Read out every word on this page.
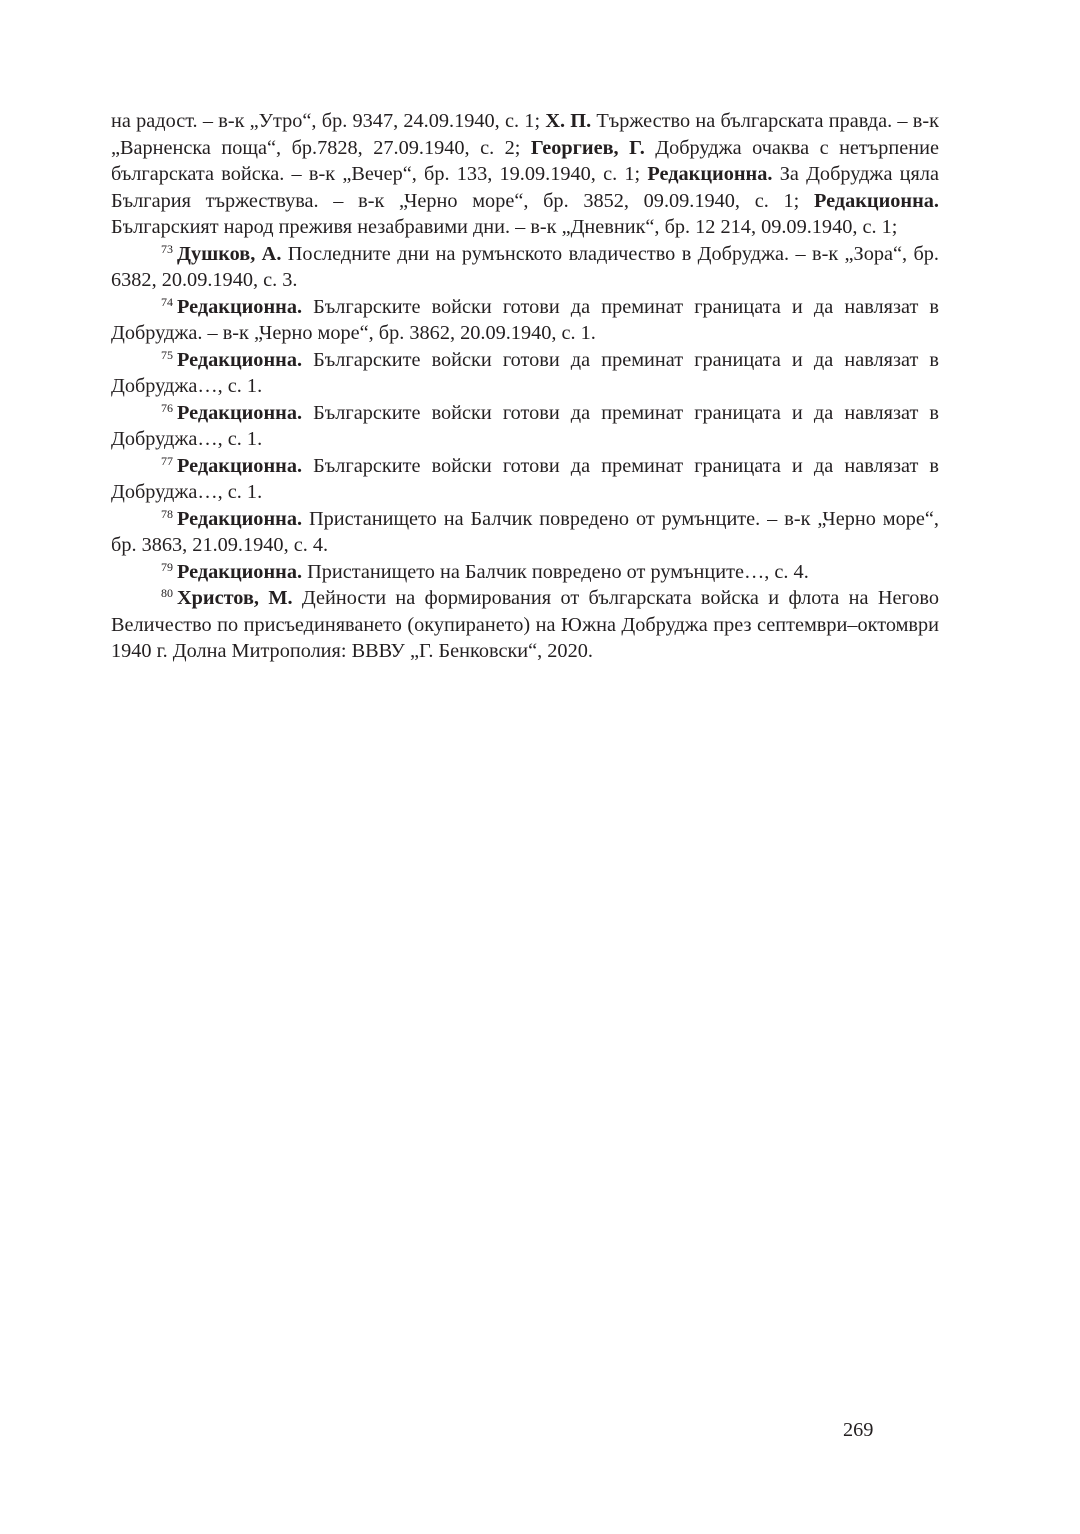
на радост. – в-к „Утро“, бр. 9347, 24.09.1940, с. 1; Х. П. Тържество на българската правда. – в-к „Варненска поща“, бр.7828, 27.09.1940, с. 2; Георгиев, Г. Добруджа очаква с нетърпение българската войска. – в-к „Вечер“, бр. 133, 19.09.1940, с. 1; Редакционна. За Добруджа цяла България тържествува. – в-к „Черно море“, бр. 3852, 09.09.1940, с. 1; Редакционна. Българският народ преживя незабравими дни. – в-к „Дневник“, бр. 12 214, 09.09.1940, с. 1;

$^{73}$ Душков, А. Последните дни на румънското владичество в Добруджа. – в-к „Зора“, бр. 6382, 20.09.1940, с. 3.

$^{74}$ Редакционна. Българските войски готови да преминат границата и да навлязат в Добруджа. – в-к „Черно море“, бр. 3862, 20.09.1940, с. 1.

$^{75}$ Редакционна. Българските войски готови да преминат границата и да навлязат в Добруджа…, с. 1.

$^{76}$ Редакционна. Българските войски готови да преминат границата и да навлязат в Добруджа…, с. 1.

$^{77}$ Редакционна. Българските войски готови да преминат границата и да навлязат в Добруджа…, с. 1.

$^{78}$ Редакционна. Пристанището на Балчик повредено от румънците. – в-к „Черно море“, бр. 3863, 21.09.1940, с. 4.

$^{79}$ Редакционна. Пристанището на Балчик повредено от румънците…, с. 4.

$^{80}$ Христов, М. Дейности на формирования от българската войска и флота на Негово Величество по присъединяването (окупирането) на Южна Добруджа през септември–октомври 1940 г. Долна Митрополия: ВВВУ „Г. Бенковски“, 2020.

269
